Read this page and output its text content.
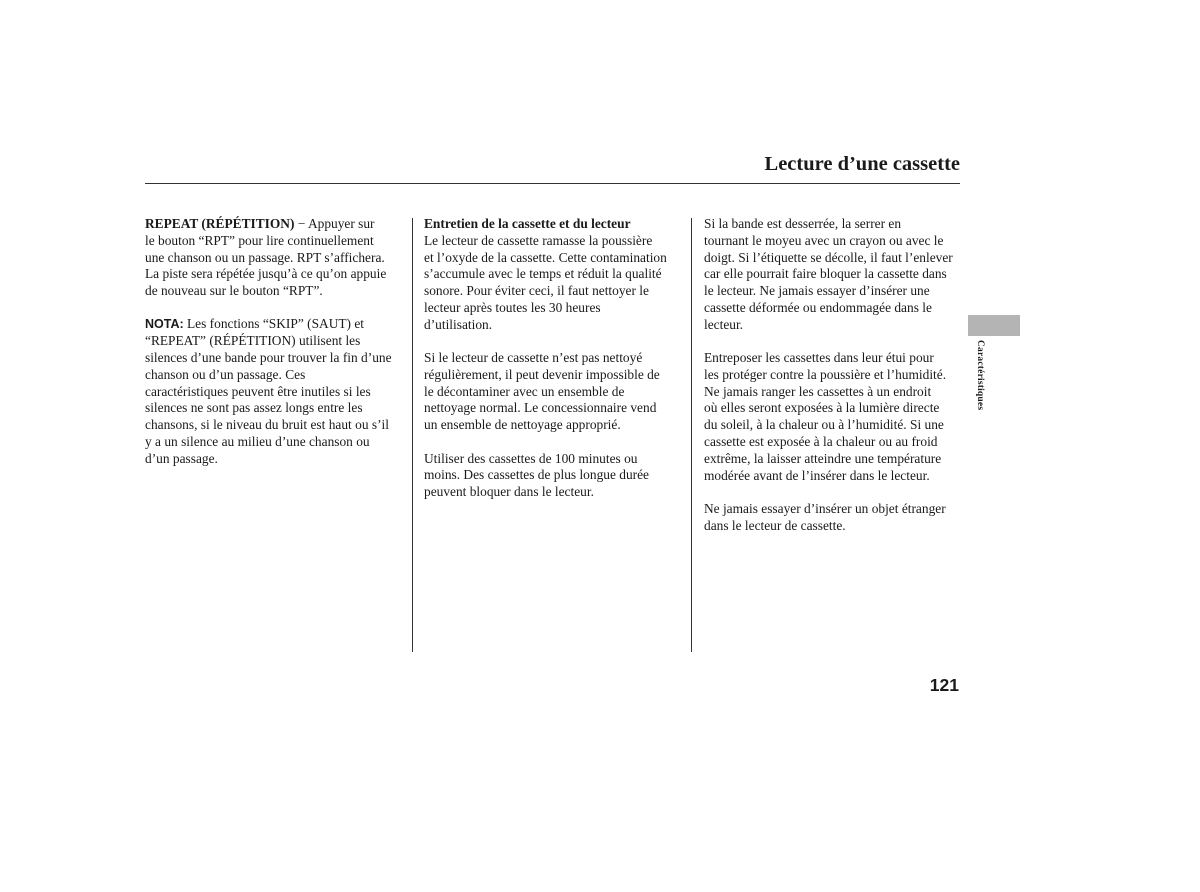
Lecture d’une cassette

REPEAT (RÉPÉTITION) − Appuyer sur
le bouton “RPT” pour lire continuellement
une chanson ou un passage. RPT s’affichera.
La piste sera répétée jusqu’à ce qu’on appuie
de nouveau sur le bouton “RPT”.

NOTA: Les fonctions “SKIP” (SAUT) et
“REPEAT” (RÉPÉTITION) utilisent les
silences d’une bande pour trouver la fin d’une
chanson ou d’un passage. Ces
caractéristiques peuvent être inutiles si les
silences ne sont pas assez longs entre les
chansons, si le niveau du bruit est haut ou s’il
y a un silence au milieu d’une chanson ou
d’un passage.

Entretien de la cassette et du lecteur
Le lecteur de cassette ramasse la poussière
et l’oxyde de la cassette. Cette contamination
s’accumule avec le temps et réduit la qualité
sonore. Pour éviter ceci, il faut nettoyer le
lecteur après toutes les 30 heures
d’utilisation.

Si le lecteur de cassette n’est pas nettoyé
régulièrement, il peut devenir impossible de
le décontaminer avec un ensemble de
nettoyage normal. Le concessionnaire vend
un ensemble de nettoyage approprié.

Utiliser des cassettes de 100 minutes ou
moins. Des cassettes de plus longue durée
peuvent bloquer dans le lecteur.

Si la bande est desserrée, la serrer en
tournant le moyeu avec un crayon ou avec le
doigt. Si l’étiquette se décolle, il faut l’enlever
car elle pourrait faire bloquer la cassette dans
le lecteur. Ne jamais essayer d’insérer une
cassette déformée ou endommagée dans le
lecteur.

Entreposer les cassettes dans leur étui pour
les protéger contre la poussière et l’humidité.
Ne jamais ranger les cassettes à un endroit
où elles seront exposées à la lumière directe
du soleil, à la chaleur ou à l’humidité. Si une
cassette est exposée à la chaleur ou au froid
extrême, la laisser atteindre une température
modérée avant de l’insérer dans le lecteur.

Ne jamais essayer d’insérer un objet étranger
dans le lecteur de cassette.

Caractéristiques
121
